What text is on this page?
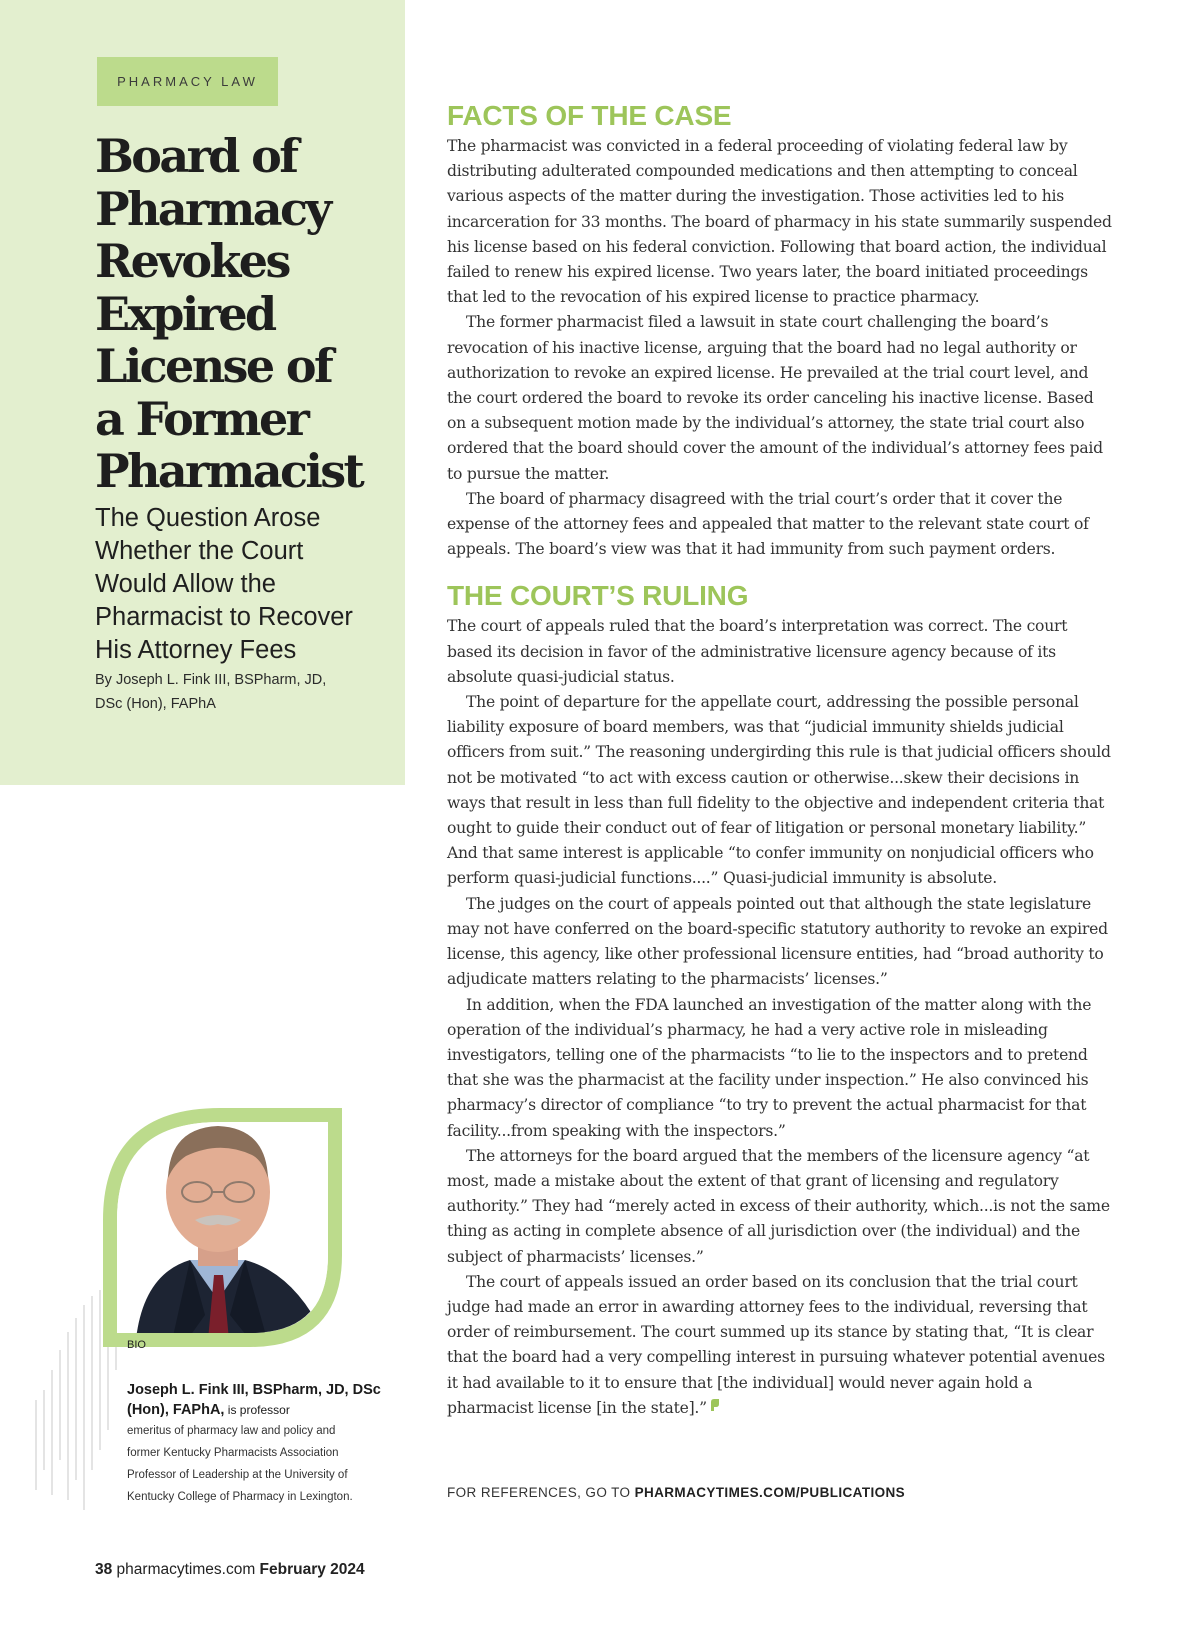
PHARMACY LAW
Board of
Pharmacy
Revokes
Expired
License of
a Former
Pharmacist
The Question Arose
Whether the Court
Would Allow the
Pharmacist to Recover
His Attorney Fees
By Joseph L. Fink III, BSPharm, JD,
DSc (Hon), FAPhA
BIO
Joseph L. Fink III, BSPharm, JD, DSc
(Hon), FAPhA, is professor
emeritus of pharmacy law and policy and
former Kentucky Pharmacists Association
Professor of Leadership at the University of
Kentucky College of Pharmacy in Lexington.
FACTS OF THE CASE

The pharmacist was convicted in a federal proceeding of violating federal law by distributing adulterated compounded medications and then attempting to conceal various aspects of the matter during the investigation. Those activities led to his incarceration for 33 months. The board of pharmacy in his state summarily suspended his license based on his federal conviction. Following that board action, the individual failed to renew his expired license. Two years later, the board initiated proceedings that led to the revocation of his expired license to practice pharmacy.

The former pharmacist filed a lawsuit in state court challenging the board’s revocation of his inactive license, arguing that the board had no legal authority or authorization to revoke an expired license. He prevailed at the trial court level, and the court ordered the board to revoke its order canceling his inactive license. Based on a subsequent motion made by the individual’s attorney, the state trial court also ordered that the board should cover the amount of the individual’s attorney fees paid to pursue the matter.

The board of pharmacy disagreed with the trial court’s order that it cover the expense of the attorney fees and appealed that matter to the relevant state court of appeals. The board’s view was that it had immunity from such payment orders.

THE COURT’S RULING

The court of appeals ruled that the board’s interpretation was correct. The court based its decision in favor of the administrative licensure agency because of its absolute quasi-judicial status.

The point of departure for the appellate court, addressing the possible personal liability exposure of board members, was that “judicial immunity shields judicial officers from suit.” The reasoning undergirding this rule is that judicial officers should not be motivated “to act with excess caution or otherwise...skew their decisions in ways that result in less than full fidelity to the objective and independent criteria that ought to guide their conduct out of fear of litigation or personal monetary liability.” And that same interest is applicable “to confer immunity on nonjudicial officers who perform quasi-judicial functions....” Quasi-judicial immunity is absolute.

The judges on the court of appeals pointed out that although the state legislature may not have conferred on the board-specific statutory authority to revoke an expired license, this agency, like other professional licensure entities, had “broad authority to adjudicate matters relating to the pharmacists’ licenses.”

In addition, when the FDA launched an investigation of the matter along with the operation of the individual’s pharmacy, he had a very active role in misleading investigators, telling one of the pharmacists “to lie to the inspectors and to pretend that she was the pharmacist at the facility under inspection.” He also convinced his pharmacy’s director of compliance “to try to prevent the actual pharmacist for that facility...from speaking with the inspectors.”

The attorneys for the board argued that the members of the licensure agency “at most, made a mistake about the extent of that grant of licensing and regulatory authority.” They had “merely acted in excess of their authority, which...is not the same thing as acting in complete absence of all jurisdiction over (the individual) and the subject of pharmacists’ licenses.”

The court of appeals issued an order based on its conclusion that the trial court judge had made an error in awarding attorney fees to the individual, reversing that order of reimbursement. The court summed up its stance by stating that, “It is clear that the board had a very compelling interest in pursuing whatever potential avenues it had available to it to ensure that [the individual] would never again hold a pharmacist license [in the state].”

FOR REFERENCES, GO TO PHARMACYTIMES.COM/PUBLICATIONS
38 pharmacytimes.com February 2024
